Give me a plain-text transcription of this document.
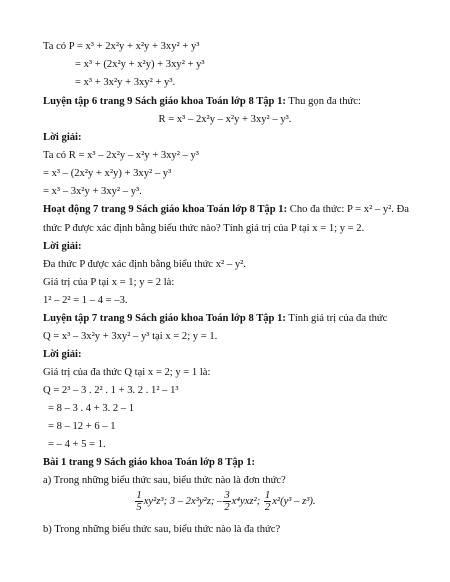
Ta có P = x³ + 2x²y + x²y + 3xy² + y³
= x³ + (2x²y + x²y) + 3xy² + y³
= x³ + 3x²y + 3xy² + y³.
Luyện tập 6 trang 9 Sách giáo khoa Toán lớp 8 Tập 1: Thu gọn đa thức:
R = x³ – 2x²y – x²y + 3xy² – y³.
Lời giải:
Ta có R = x³ – 2x²y – x²y + 3xy² – y³
= x³ – (2x²y + x²y) + 3xy² – y³
= x³ – 3x²y + 3xy² – y³.
Hoạt động 7 trang 9 Sách giáo khoa Toán lớp 8 Tập 1: Cho đa thức: P = x² – y². Đa
thức P được xác định bằng biểu thức nào? Tính giá trị của P tại x = 1; y = 2.
Lời giải:
Đa thức P được xác định bằng biểu thức x² – y².
Giá trị của P tại x = 1; y = 2 là:
1² – 2² = 1 – 4 = –3.
Luyện tập 7 trang 9 Sách giáo khoa Toán lớp 8 Tập 1: Tính giá trị của đa thức
Q = x³ – 3x²y + 3xy² – y³ tại x = 2; y = 1.
Lời giải:
Giá trị của đa thức Q tại x = 2; y = 1 là:
Q = 2³ – 3 . 2² . 1 + 3. 2 . 1² – 1³
= 8 – 3 . 4 + 3. 2 – 1
= 8 – 12 + 6 – 1
= – 4 + 5 = 1.
Bài 1 trang 9 Sách giáo khoa Toán lớp 8 Tập 1:
a) Trong những biểu thức sau, biểu thức nào là đơn thức?
$\frac{1}{5} xy^2z^3$; 3 – 2x³y²z; – $\frac{3}{2} x^4yxz^2$; $\frac{1}{2} x^2(y^3 - z^3)$.
b) Trong những biểu thức sau, biểu thức nào là đa thức?
